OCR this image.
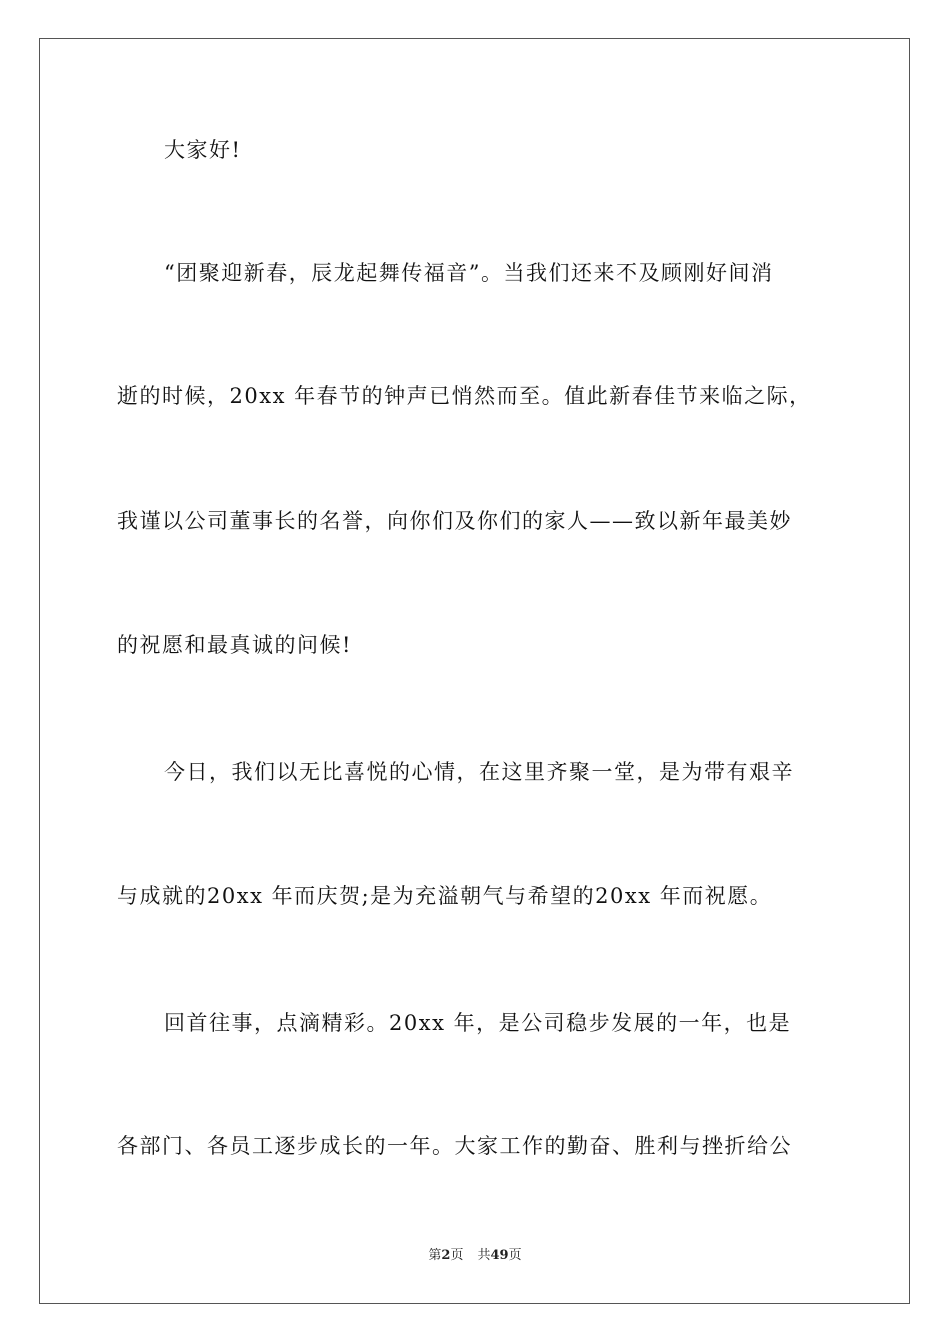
大家好!
“团聚迎新春，辰龙起舞传福音”。当我们还来不及顾刚好间消
逝的时候，20xx 年春节的钟声已悄然而至。值此新春佳节来临之际，
我谨以公司董事长的名誉，向你们及你们的家人——致以新年最美妙
的祝愿和最真诚的问候!
今日，我们以无比喜悦的心情，在这里齐聚一堂，是为带有艰辛
与成就的20xx 年而庆贺;是为充溢朝气与希望的20xx 年而祝愿。
回首往事，点滴精彩。20xx 年，是公司稳步发展的一年，也是
各部门、各员工逐步成长的一年。大家工作的勤奋、胜利与挫折给公
第2页 共49页
